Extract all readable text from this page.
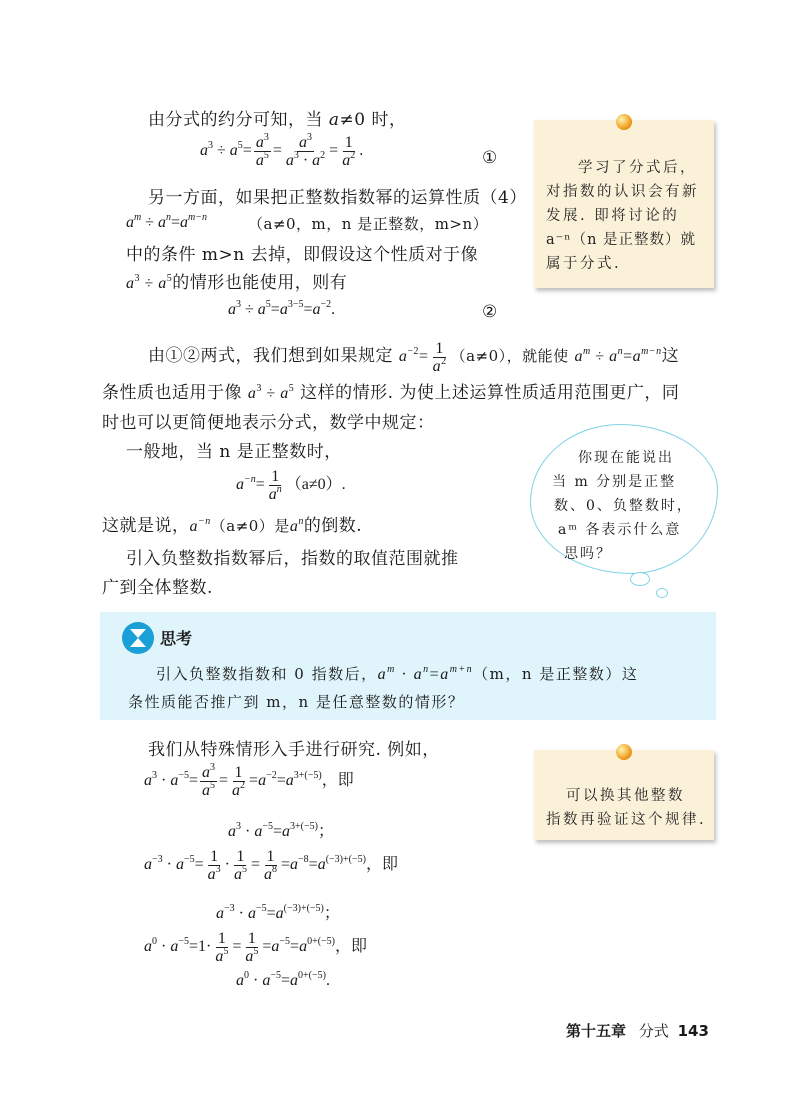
由分式的约分可知，当 a≠0 时，
$a^3 \div a^5= \frac{a^3}{a^5} = \frac{a^3}{a^3 \cdot a^2} = \frac{1}{a^2}$ .	①
另一方面，如果把正整数指数幂的运算性质（4）
$a^m \div a^n=a^{m-n}$	（a≠0，m，n 是正整数，m>n）
中的条件 m>n 去掉，即假设这个性质对于像
$a^3 \div a^5$的情形也能使用，则有
$a^3 \div a^5=a^{3-5}=a^{-2}$.	②
学习了分式后，
对指数的认识会有新
发展. 即将讨论的
a⁻ⁿ（n 是正整数）就
属于分式.
由①②两式，我们想到如果规定 $a^{-2}= \frac{1}{a^2} (a\ne 0)$，就能使 $a^m \div a^n=a^{m-n}$这
条性质也适用于像 $a^3 \div a^5$ 这样的情形. 为使上述运算性质适用范围更广，同
时也可以更简便地表示分式，数学中规定：
一般地，当 n 是正整数时，
$a^{-n}= \frac{1}{a^n} (a\ne 0)$.
这就是说，$a^{-n}(a\ne 0)$是$a^n$的倒数.
引入负整数指数幂后，指数的取值范围就推
广到全体整数.
你现在能说出
当 m 分别是正整
数、0、负整数时，
aᵐ 各表示什么意
思吗？
思考
引入负整数指数和 0 指数后，$a^m \cdot a^n=a^{m+n}(m$，n 是正整数）这
条性质能否推广到 m，n 是任意整数的情形？
我们从特殊情形入手进行研究. 例如，
$a^3 \cdot a^{-5}= \frac{a^3}{a^5} = \frac{1}{a^2} =a^{-2}=a^{3+(-5)}$，即
$a^3 \cdot a^{-5}=a^{3+(-5)}$；
$a^{-3} \cdot a^{-5}= \frac{1}{a^3} \cdot \frac{1}{a^5} = \frac{1}{a^8} =a^{-8}=a^{(-3)+(-5)}$，即
$a^{-3} \cdot a^{-5}=a^{(-3)+(-5)}$；
$a^0 \cdot a^{-5}=1\cdot \frac{1}{a^5} = \frac{1}{a^5} =a^{-5}=a^{0+(-5)}$，即
$a^0 \cdot a^{-5}=a^{0+(-5)}$.
可以换其他整数
指数再验证这个规律.
第十五章 分式 143
